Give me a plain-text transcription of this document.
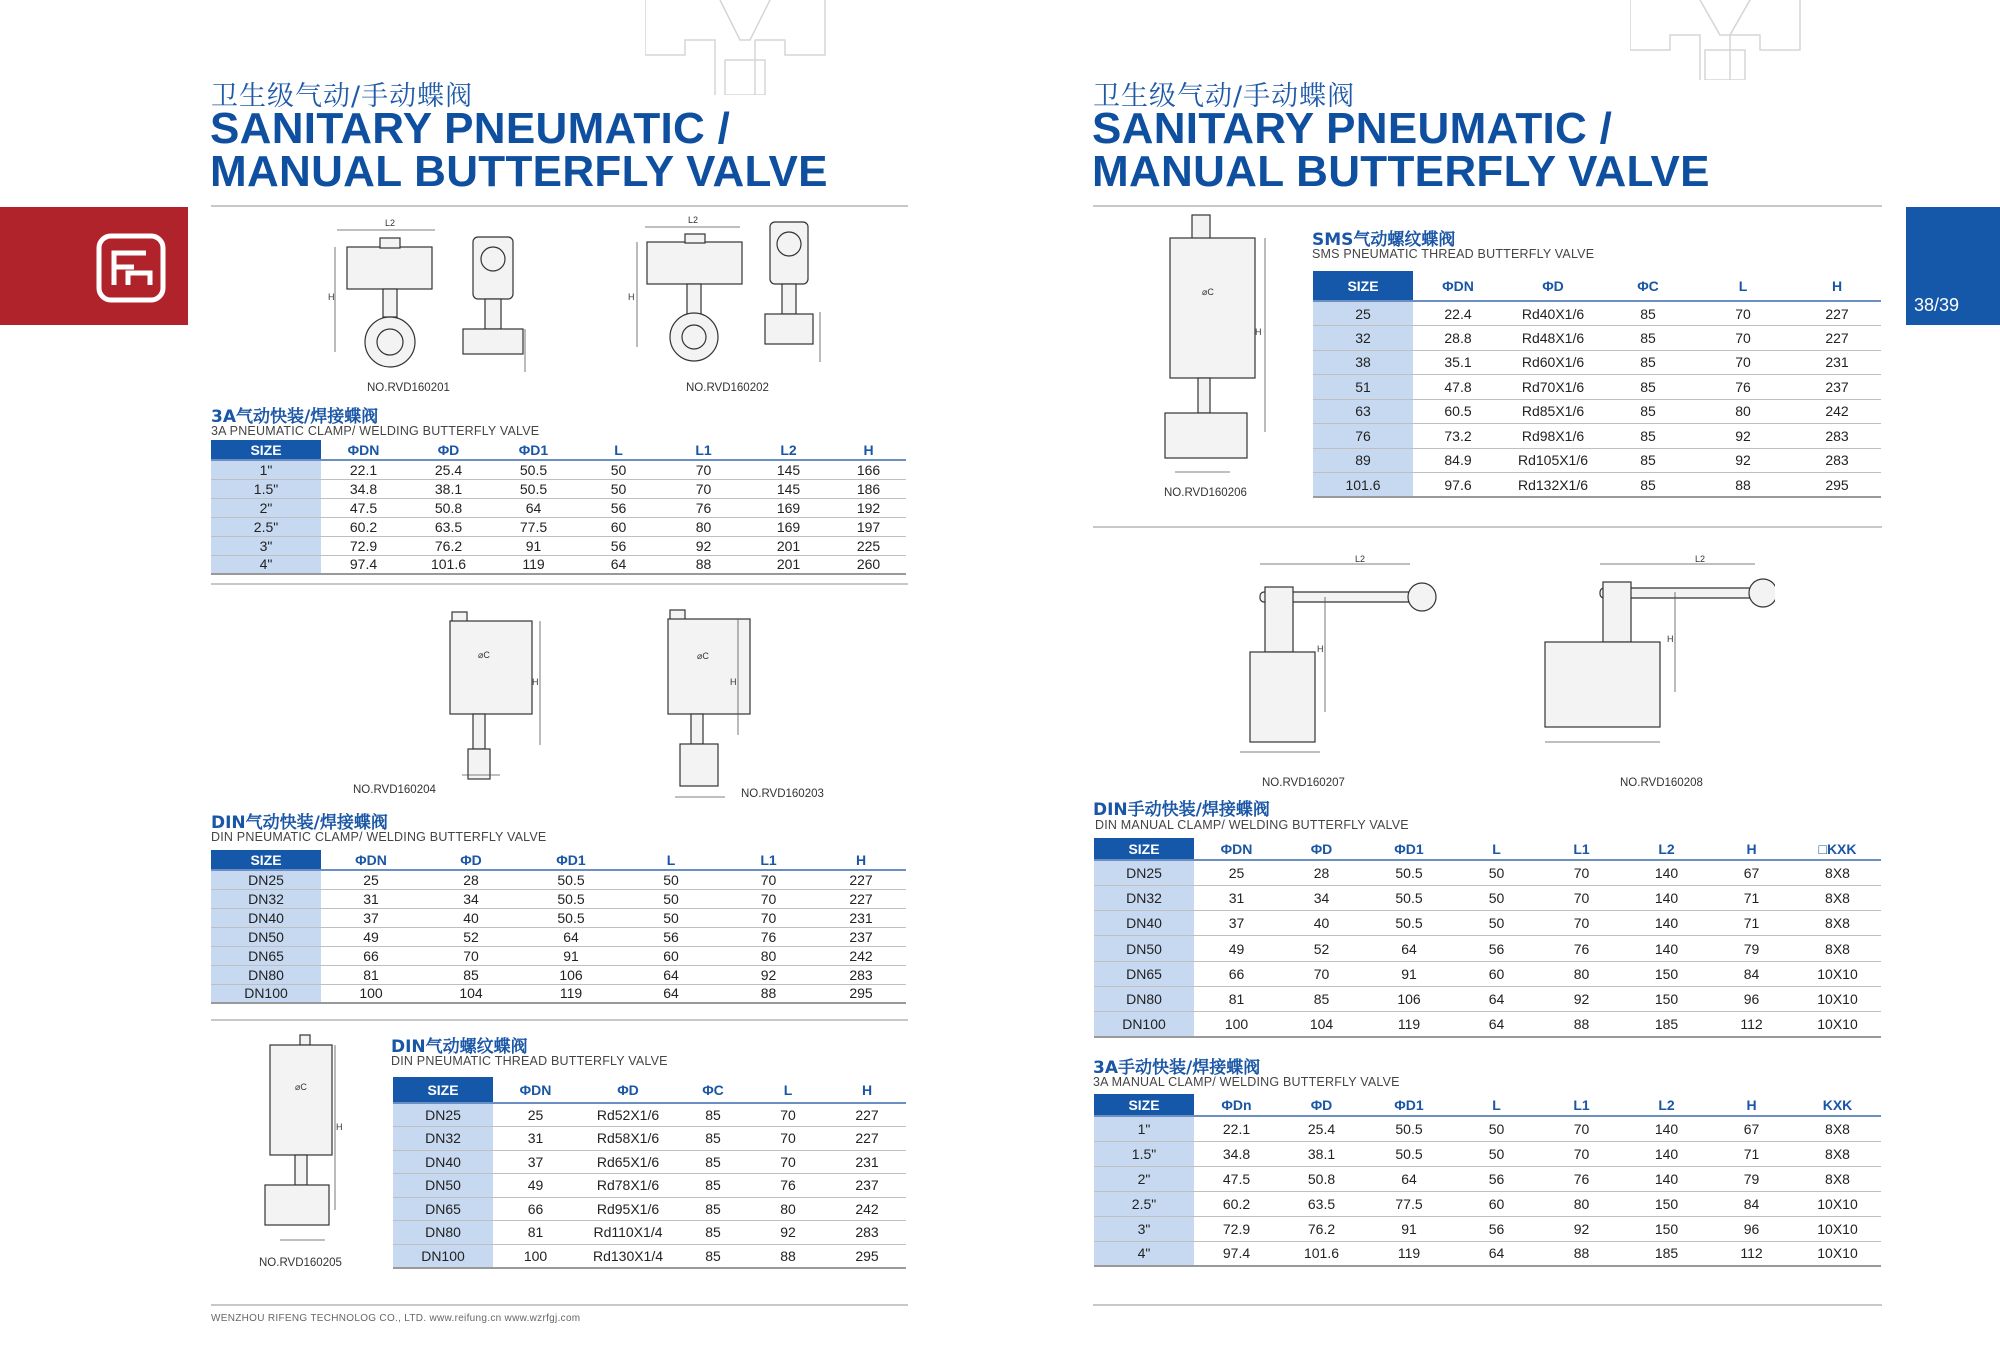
38/39
卫生级气动/手动蝶阀
SANITARY PNEUMATIC /
MANUAL BUTTERFLY VALVE
卫生级气动/手动蝶阀
SANITARY PNEUMATIC /
MANUAL BUTTERFLY VALVE
L2
H
NO.RVD160201
L2
H
NO.RVD160202
3A气动快装/焊接蝶阀
3A PNEUMATIC CLAMP/ WELDING BUTTERFLY VALVE
SIZE	ΦDN	ΦD	ΦD1	L	L1	L2	H
1"	22.1	25.4	50.5	50	70	145	166
1.5"	34.8	38.1	50.5	50	70	145	186
2"	47.5	50.8	64	56	76	169	192
2.5"	60.2	63.5	77.5	60	80	169	197
3"	72.9	76.2	91	56	92	201	225
4"	97.4	101.6	119	64	88	201	260
⌀C
H
NO.RVD160204
⌀C
H
NO.RVD160203
DIN气动快装/焊接蝶阀
DIN PNEUMATIC CLAMP/ WELDING BUTTERFLY VALVE
SIZE	ΦDN	ΦD	ΦD1	L	L1	H
DN25	25	28	50.5	50	70	227
DN32	31	34	50.5	50	70	227
DN40	37	40	50.5	50	70	231
DN50	49	52	64	56	76	237
DN65	66	70	91	60	80	242
DN80	81	85	106	64	92	283
DN100	100	104	119	64	88	295
⌀C
H
NO.RVD160205
DIN气动螺纹蝶阀
DIN PNEUMATIC THREAD BUTTERFLY VALVE
SIZE	ΦDN	ΦD	ΦC	L	H
DN25	25	Rd52X1/6	85	70	227
DN32	31	Rd58X1/6	85	70	227
DN40	37	Rd65X1/6	85	70	231
DN50	49	Rd78X1/6	85	76	237
DN65	66	Rd95X1/6	85	80	242
DN80	81	Rd110X1/4	85	92	283
DN100	100	Rd130X1/4	85	88	295
WENZHOU RIFENG TECHNOLOG CO., LTD. www.reifung.cn www.wzrfgj.com
⌀C
H
NO.RVD160206
SMS气动螺纹蝶阀
SMS PNEUMATIC THREAD BUTTERFLY VALVE
SIZE	ΦDN	ΦD	ΦC	L	H
25	22.4	Rd40X1/6	85	70	227
32	28.8	Rd48X1/6	85	70	227
38	35.1	Rd60X1/6	85	70	231
51	47.8	Rd70X1/6	85	76	237
63	60.5	Rd85X1/6	85	80	242
76	73.2	Rd98X1/6	85	92	283
89	84.9	Rd105X1/6	85	92	283
101.6	97.6	Rd132X1/6	85	88	295
L2
H
NO.RVD160207
L2
H
NO.RVD160208
DIN手动快装/焊接蝶阀
DIN MANUAL CLAMP/ WELDING BUTTERFLY VALVE
SIZE	ΦDN	ΦD	ΦD1	L	L1	L2	H	□KXK
DN25	25	28	50.5	50	70	140	67	8X8
DN32	31	34	50.5	50	70	140	71	8X8
DN40	37	40	50.5	50	70	140	71	8X8
DN50	49	52	64	56	76	140	79	8X8
DN65	66	70	91	60	80	150	84	10X10
DN80	81	85	106	64	92	150	96	10X10
DN100	100	104	119	64	88	185	112	10X10
3A手动快装/焊接蝶阀
3A MANUAL CLAMP/ WELDING BUTTERFLY VALVE
SIZE	ΦDn	ΦD	ΦD1	L	L1	L2	H	KXK
1"	22.1	25.4	50.5	50	70	140	67	8X8
1.5"	34.8	38.1	50.5	50	70	140	71	8X8
2"	47.5	50.8	64	56	76	140	79	8X8
2.5"	60.2	63.5	77.5	60	80	150	84	10X10
3"	72.9	76.2	91	56	92	150	96	10X10
4"	97.4	101.6	119	64	88	185	112	10X10
